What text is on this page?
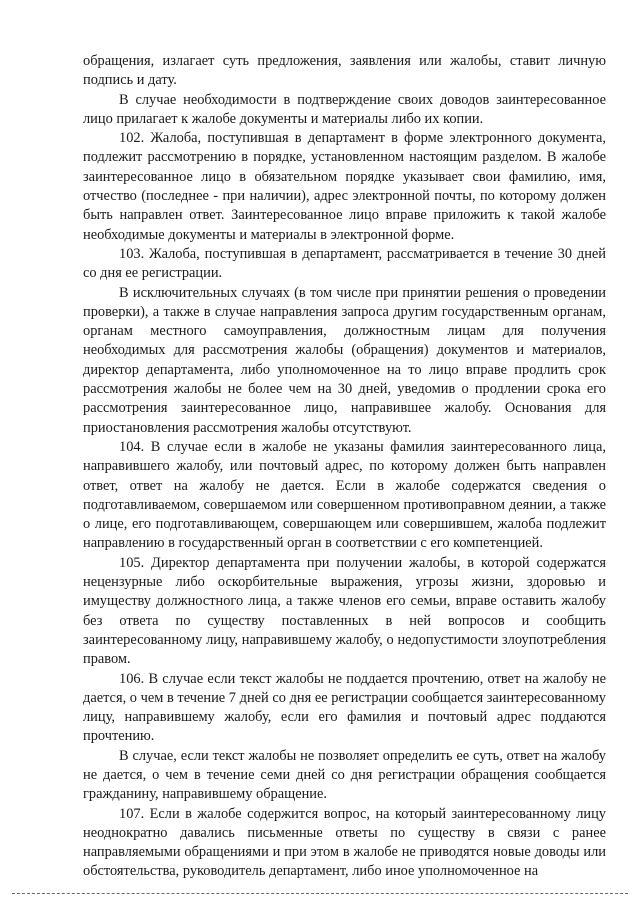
обращения, излагает суть предложения, заявления или жалобы, ставит личную подпись и дату.

В случае необходимости в подтверждение своих доводов заинтересованное лицо прилагает к жалобе документы и материалы либо их копии.

102. Жалоба, поступившая в департамент в форме электронного документа, подлежит рассмотрению в порядке, установленном настоящим разделом. В жалобе заинтересованное лицо в обязательном порядке указывает свои фамилию, имя, отчество (последнее - при наличии), адрес электронной почты, по которому должен быть направлен ответ. Заинтересованное лицо вправе приложить к такой жалобе необходимые документы и материалы в электронной форме.

103. Жалоба, поступившая в департамент, рассматривается в течение 30 дней со дня ее регистрации.

В исключительных случаях (в том числе при принятии решения о проведении проверки), а также в случае направления запроса другим государственным органам, органам местного самоуправления, должностным лицам для получения необходимых для рассмотрения жалобы (обращения) документов и материалов, директор департамента, либо уполномоченное на то лицо вправе продлить срок рассмотрения жалобы не более чем на 30 дней, уведомив о продлении срока его рассмотрения заинтересованное лицо, направившее жалобу. Основания для приостановления рассмотрения жалобы отсутствуют.

104. В случае если в жалобе не указаны фамилия заинтересованного лица, направившего жалобу, или почтовый адрес, по которому должен быть направлен ответ, ответ на жалобу не дается. Если в жалобе содержатся сведения о подготавливаемом, совершаемом или совершенном противоправном деянии, а также о лице, его подготавливающем, совершающем или совершившем, жалоба подлежит направлению в государственный орган в соответствии с его компетенцией.

105. Директор департамента при получении жалобы, в которой содержатся нецензурные либо оскорбительные выражения, угрозы жизни, здоровью и имуществу должностного лица, а также членов его семьи, вправе оставить жалобу без ответа по существу поставленных в ней вопросов и сообщить заинтересованному лицу, направившему жалобу, о недопустимости злоупотребления правом.

106. В случае если текст жалобы не поддается прочтению, ответ на жалобу не дается, о чем в течение 7 дней со дня ее регистрации сообщается заинтересованному лицу, направившему жалобу, если его фамилия и почтовый адрес поддаются прочтению.

В случае, если текст жалобы не позволяет определить ее суть, ответ на жалобу не дается, о чем в течение семи дней со дня регистрации обращения сообщается гражданину, направившему обращение.

107. Если в жалобе содержится вопрос, на который заинтересованному лицу неоднократно давались письменные ответы по существу в связи с ранее направляемыми обращениями и при этом в жалобе не приводятся новые доводы или обстоятельства, руководитель департамент, либо иное уполномоченное на
